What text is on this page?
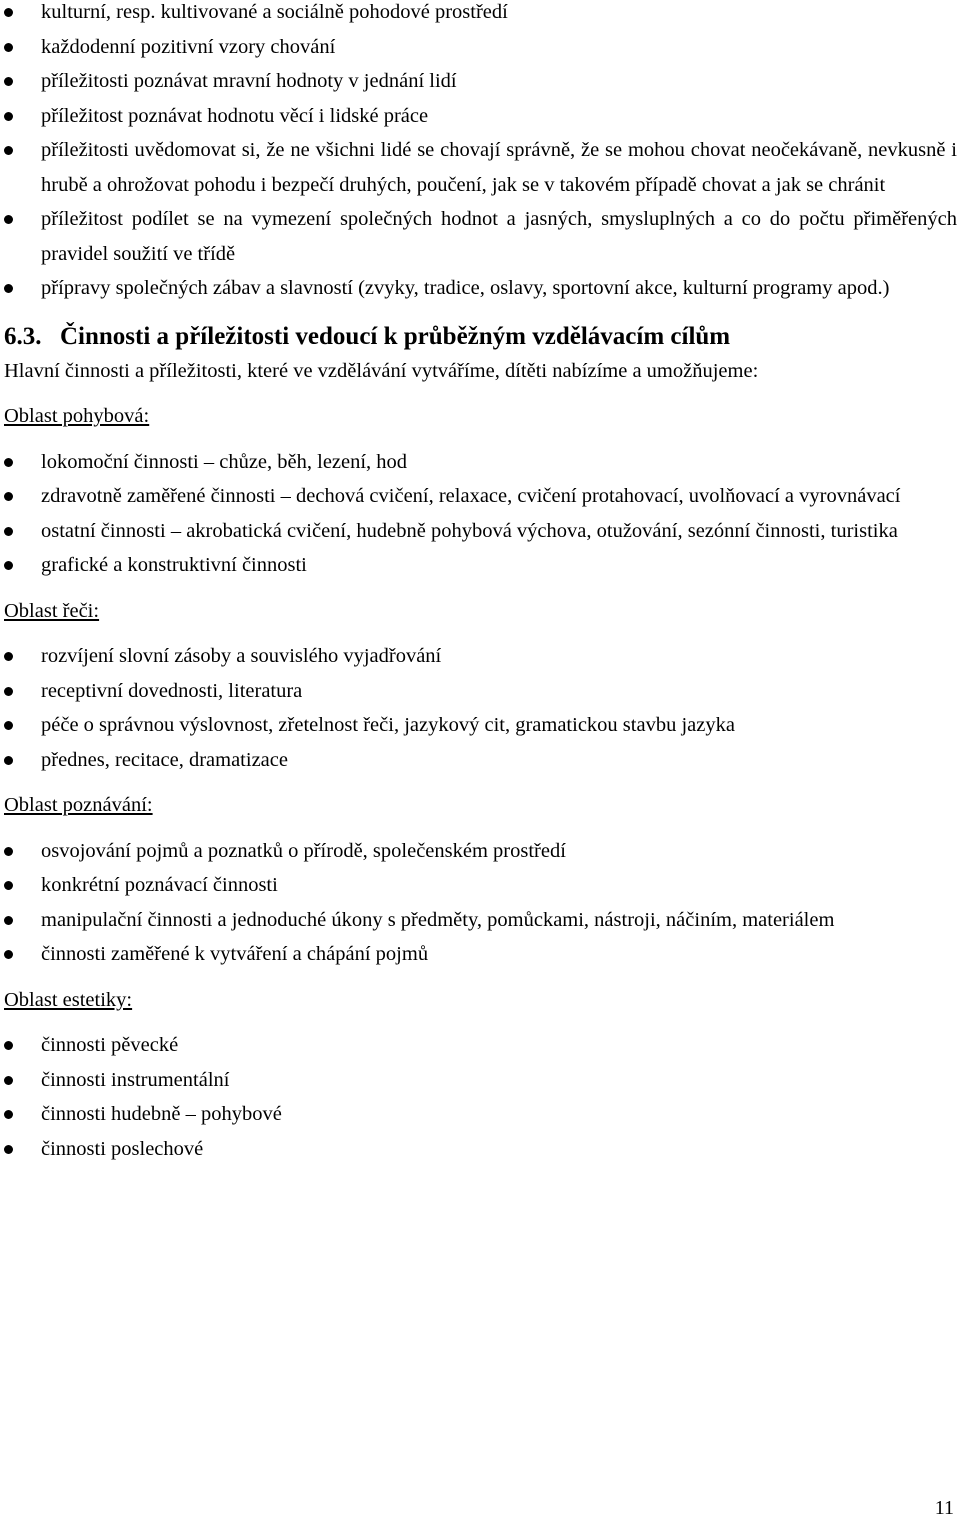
kulturní, resp. kultivované a sociálně pohodové prostředí
každodenní pozitivní vzory chování
příležitosti poznávat mravní hodnoty v jednání lidí
příležitost poznávat hodnotu věcí i lidské práce
příležitosti uvědomovat si, že ne všichni lidé se chovají správně, že se mohou chovat neočekávaně, nevkusně i hrubě a ohrožovat pohodu i bezpečí druhých, poučení, jak se v takovém případě chovat a jak se chránit
příležitost podílet se na vymezení společných hodnot a jasných, smysluplných a co do počtu přiměřených pravidel soužití ve třídě
přípravy společných zábav a slavností (zvyky, tradice, oslavy, sportovní akce, kulturní programy apod.)
6.3. Činnosti a příležitosti vedoucí k průběžným vzdělávacím cílům

Hlavní činnosti a příležitosti, které ve vzdělávání vytváříme, dítěti nabízíme a umožňujeme:

Oblast pohybová:
lokomoční činnosti – chůze, běh, lezení, hod
zdravotně zaměřené činnosti – dechová cvičení, relaxace, cvičení protahovací, uvolňovací a vyrovnávací
ostatní činnosti – akrobatická cvičení, hudebně pohybová výchova, otužování, sezónní činnosti, turistika
grafické a konstruktivní činnosti
Oblast řeči:
rozvíjení slovní zásoby a souvislého vyjadřování
receptivní dovednosti, literatura
péče o správnou výslovnost, zřetelnost řeči, jazykový cit, gramatickou stavbu jazyka
přednes, recitace, dramatizace
Oblast poznávání:
osvojování pojmů a poznatků o přírodě, společenském prostředí
konkrétní poznávací činnosti
manipulační činnosti a jednoduché úkony s předměty, pomůckami, nástroji, náčiním, materiálem
činnosti zaměřené k vytváření a chápání pojmů
Oblast estetiky:
činnosti pěvecké
činnosti instrumentální
činnosti hudebně – pohybové
činnosti poslechové
11
